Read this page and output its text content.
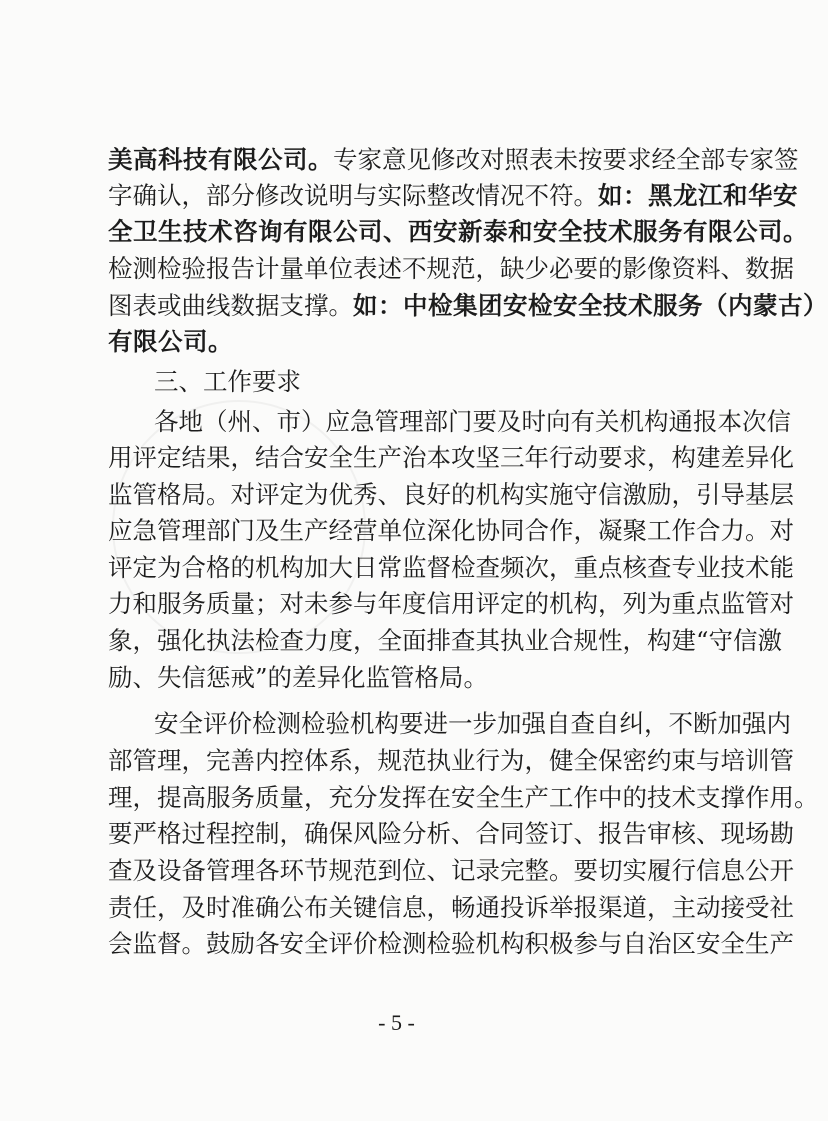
美高科技有限公司。专家意见修改对照表未按要求经全部专家签
字确认，部分修改说明与实际整改情况不符。如：黑龙江和华安
全卫生技术咨询有限公司、西安新泰和安全技术服务有限公司。
检测检验报告计量单位表述不规范，缺少必要的影像资料、数据
图表或曲线数据支撑。如：中检集团安检安全技术服务（内蒙古）
有限公司。
三、工作要求
各地（州、市）应急管理部门要及时向有关机构通报本次信
用评定结果，结合安全生产治本攻坚三年行动要求，构建差异化
监管格局。对评定为优秀、良好的机构实施守信激励，引导基层
应急管理部门及生产经营单位深化协同合作，凝聚工作合力。对
评定为合格的机构加大日常监督检查频次，重点核查专业技术能
力和服务质量；对未参与年度信用评定的机构，列为重点监管对
象，强化执法检查力度，全面排查其执业合规性，构建“守信激
励、失信惩戒”的差异化监管格局。
安全评价检测检验机构要进一步加强自查自纠，不断加强内
部管理，完善内控体系，规范执业行为，健全保密约束与培训管
理，提高服务质量，充分发挥在安全生产工作中的技术支撑作用。
要严格过程控制，确保风险分析、合同签订、报告审核、现场勘
查及设备管理各环节规范到位、记录完整。要切实履行信息公开
责任，及时准确公布关键信息，畅通投诉举报渠道，主动接受社
会监督。鼓励各安全评价检测检验机构积极参与自治区安全生产
- 5 -
